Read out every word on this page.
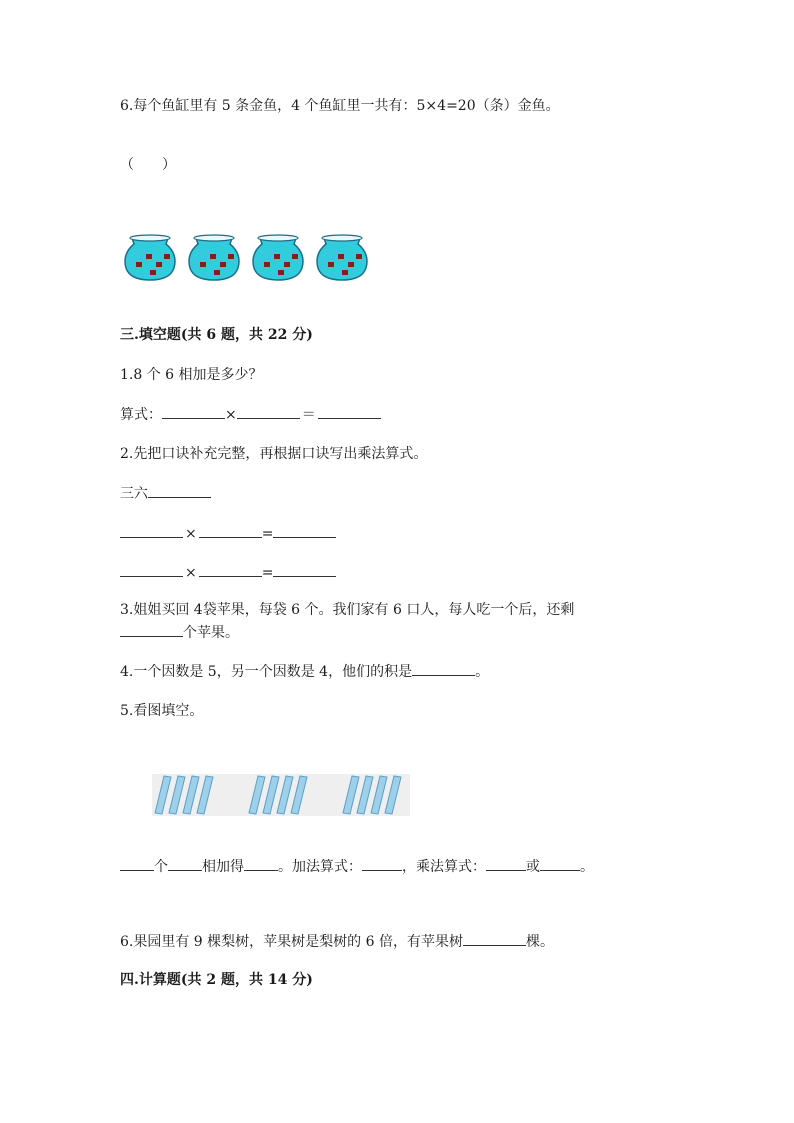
6.每个鱼缸里有 5 条金鱼，4 个鱼缸里一共有：5×4=20（条）金鱼。
（　　）
三.填空题(共 6 题，共 22 分)
1.8 个 6 相加是多少？
算式：	×	＝
2.先把口诀补充完整，再根据口诀写出乘法算式。
三六
×	=
×	=
3.姐姐买回 4袋苹果，每袋 6 个。我们家有 6 口人，每人吃一个后，还剩
个苹果。
4.一个因数是 5，另一个因数是 4，他们的积是	。
5.看图填空。
个 相加得 。加法算式：	，乘法算式：	或	。
6.果园里有 9 棵梨树，苹果树是梨树的 6 倍，有苹果树	棵。
四.计算题(共 2 题，共 14 分)
